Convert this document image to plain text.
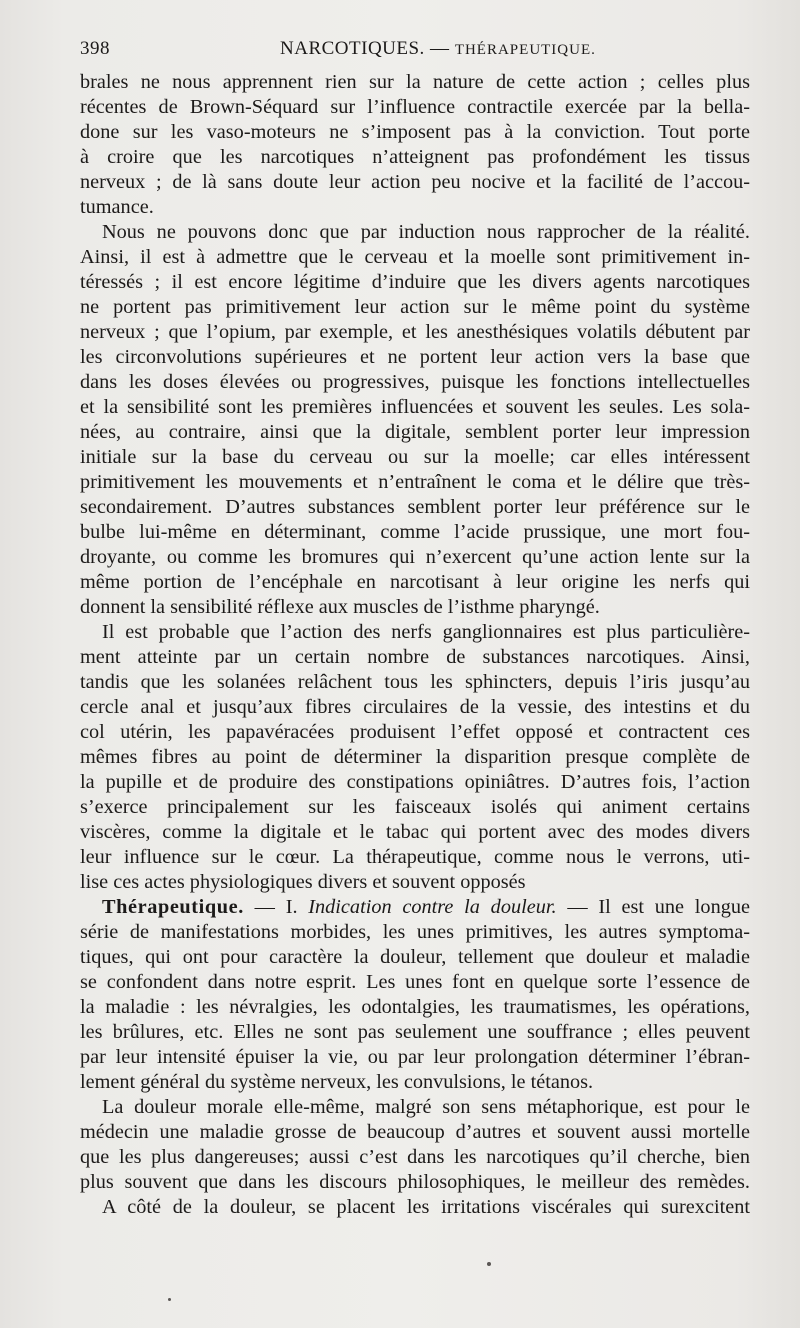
398	NARCOTIQUES. — THÉRAPEUTIQUE.
brales ne nous apprennent rien sur la nature de cette action ; celles plus
récentes de Brown-Séquard sur l’influence contractile exercée par la bella-
done sur les vaso-moteurs ne s’imposent pas à la conviction. Tout porte
à croire que les narcotiques n’atteignent pas profondément les tissus
nerveux ; de là sans doute leur action peu nocive et la facilité de l’accou-
tumance.
Nous ne pouvons donc que par induction nous rapprocher de la réalité.
Ainsi, il est à admettre que le cerveau et la moelle sont primitivement in-
téressés ; il est encore légitime d’induire que les divers agents narcotiques
ne portent pas primitivement leur action sur le même point du système
nerveux ; que l’opium, par exemple, et les anesthésiques volatils débutent par
les circonvolutions supérieures et ne portent leur action vers la base que
dans les doses élevées ou progressives, puisque les fonctions intellectuelles
et la sensibilité sont les premières influencées et souvent les seules. Les sola-
nées, au contraire, ainsi que la digitale, semblent porter leur impression
initiale sur la base du cerveau ou sur la moelle; car elles intéressent
primitivement les mouvements et n’entraînent le coma et le délire que très-
secondairement. D’autres substances semblent porter leur préférence sur le
bulbe lui-même en déterminant, comme l’acide prussique, une mort fou-
droyante, ou comme les bromures qui n’exercent qu’une action lente sur la
même portion de l’encéphale en narcotisant à leur origine les nerfs qui
donnent la sensibilité réflexe aux muscles de l’isthme pharyngé.
Il est probable que l’action des nerfs ganglionnaires est plus particulière-
ment atteinte par un certain nombre de substances narcotiques. Ainsi,
tandis que les solanées relâchent tous les sphincters, depuis l’iris jusqu’au
cercle anal et jusqu’aux fibres circulaires de la vessie, des intestins et du
col utérin, les papavéracées produisent l’effet opposé et contractent ces
mêmes fibres au point de déterminer la disparition presque complète de
la pupille et de produire des constipations opiniâtres. D’autres fois, l’action
s’exerce principalement sur les faisceaux isolés qui animent certains
viscères, comme la digitale et le tabac qui portent avec des modes divers
leur influence sur le cœur. La thérapeutique, comme nous le verrons, uti-
lise ces actes physiologiques divers et souvent opposés
Thérapeutique. — I. Indication contre la douleur. — Il est une longue
série de manifestations morbides, les unes primitives, les autres symptoma-
tiques, qui ont pour caractère la douleur, tellement que douleur et maladie
se confondent dans notre esprit. Les unes font en quelque sorte l’essence de
la maladie : les névralgies, les odontalgies, les traumatismes, les opérations,
les brûlures, etc. Elles ne sont pas seulement une souffrance ; elles peuvent
par leur intensité épuiser la vie, ou par leur prolongation déterminer l’ébran-
lement général du système nerveux, les convulsions, le tétanos.
La douleur morale elle-même, malgré son sens métaphorique, est pour le
médecin une maladie grosse de beaucoup d’autres et souvent aussi mortelle
que les plus dangereuses; aussi c’est dans les narcotiques qu’il cherche, bien
plus souvent que dans les discours philosophiques, le meilleur des remèdes.
A côté de la douleur, se placent les irritations viscérales qui surexcitent
